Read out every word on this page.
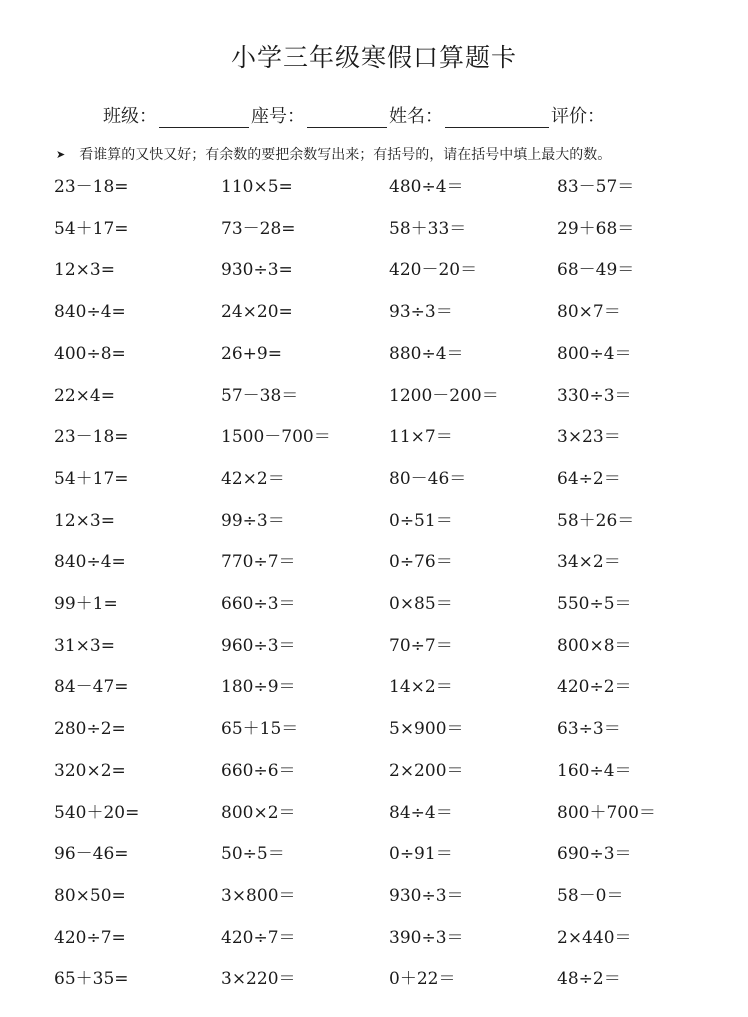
小学三年级寒假口算题卡
班级：	座号：	姓名：	评价：
➤ 看谁算的又快又好；有余数的要把余数写出来；有括号的，请在括号中填上最大的数。
23－18=	110×5=	480÷4＝	83－57＝
54＋17=	73－28=	58＋33＝	29＋68＝
12×3=	930÷3=	420－20＝	68－49＝
840÷4=	24×20=	93÷3＝	80×7＝
400÷8=	26+9=	880÷4＝	800÷4＝
22×4=	57－38＝	1200－200＝	330÷3＝
23－18=	1500－700＝	11×7＝	3×23＝
54＋17=	42×2＝	80－46＝	64÷2＝
12×3=	99÷3＝	0÷51＝	58＋26＝
840÷4=	770÷7＝	0÷76＝	34×2＝
99＋1=	660÷3＝	0×85＝	550÷5＝
31×3=	960÷3＝	70÷7＝	800×8＝
84－47=	180÷9＝	14×2＝	420÷2＝
280÷2=	65＋15＝	5×900＝	63÷3＝
320×2=	660÷6＝	2×200＝	160÷4＝
540＋20=	800×2＝	84÷4＝	800＋700＝
96－46=	50÷5＝	0÷91＝	690÷3＝
80×50=	3×800＝	930÷3＝	58－0＝
420÷7=	420÷7＝	390÷3＝	2×440＝
65＋35=	3×220＝	0＋22＝	48÷2＝
